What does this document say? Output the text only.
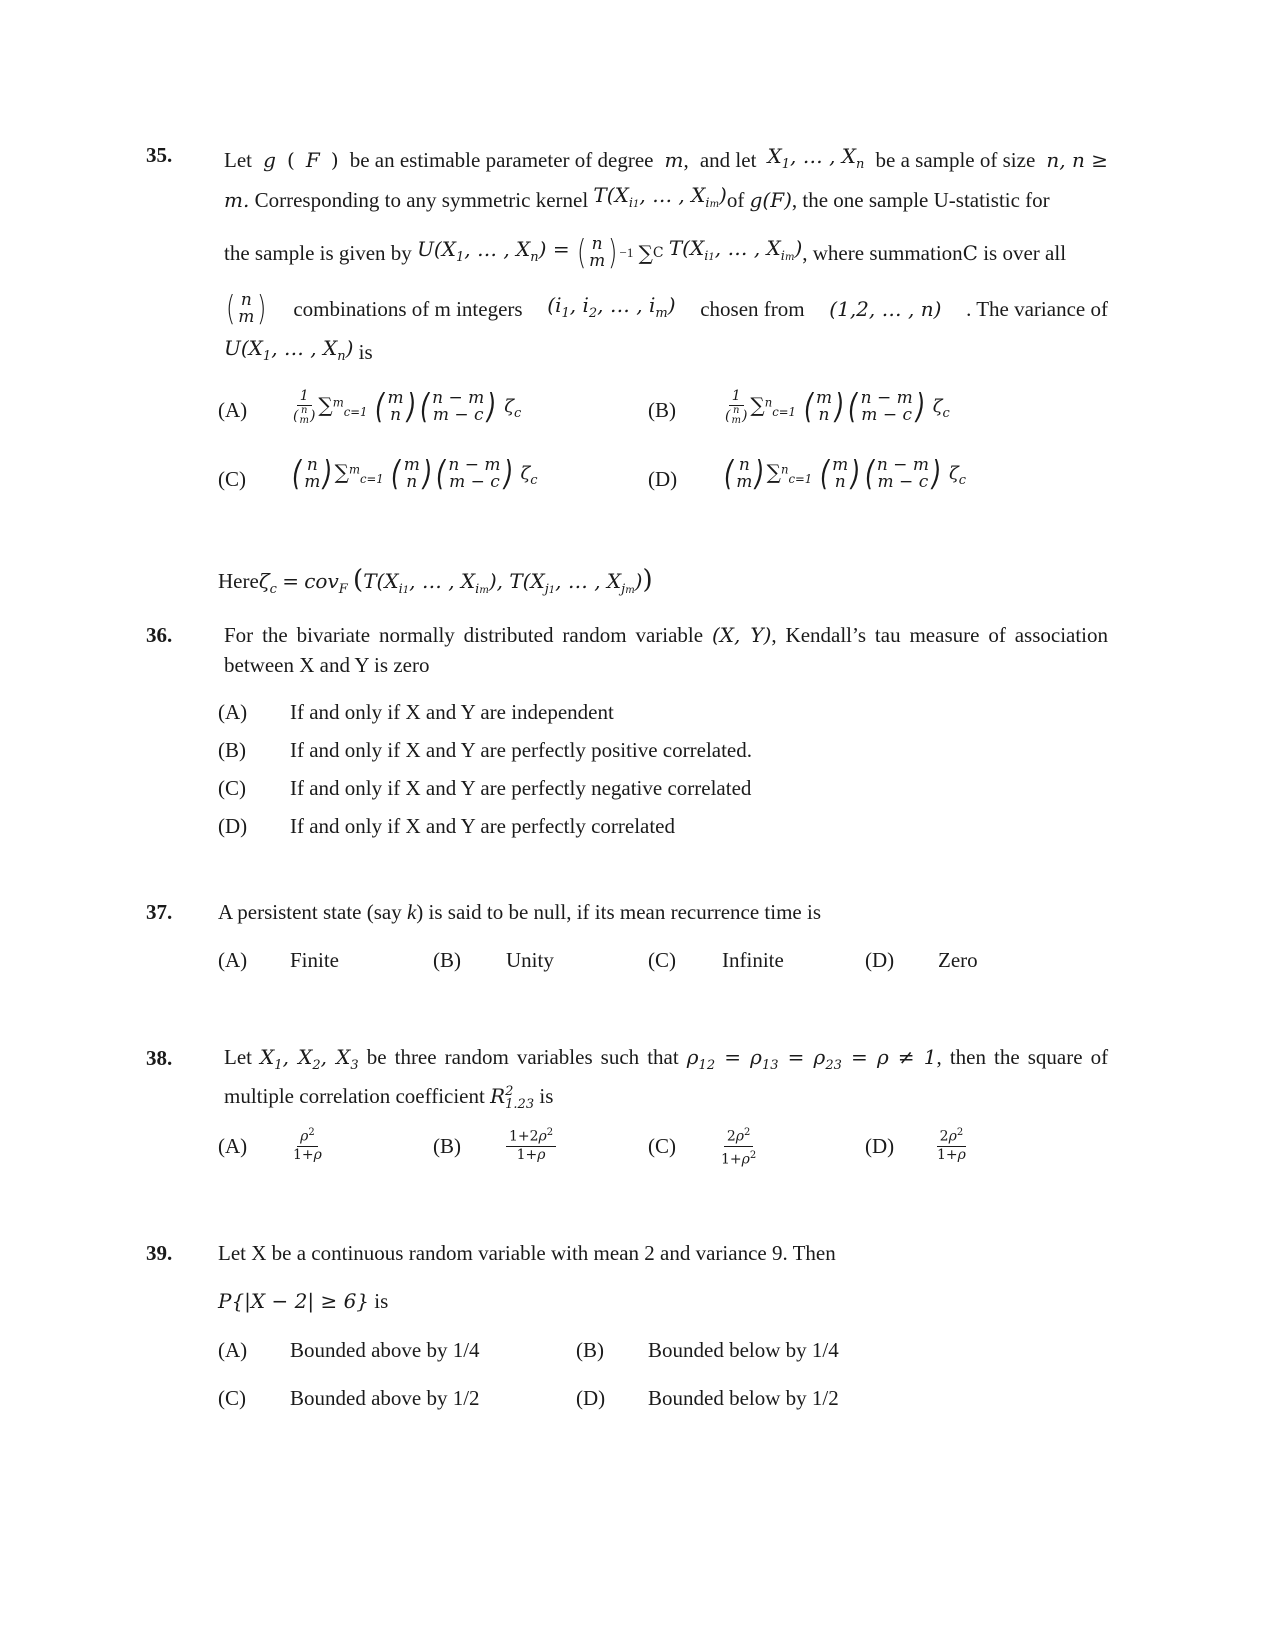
35. Let g ( F ) be an estimable parameter of degree m, and let $X_1$, … , $X_n$ be a sample of size n, n ≥
m.
Corresponding to any symmetric kernel
$T(X_{i1}$, … , $X_{im}$) of
g(F) , the one sample U-statistic for
the sample is given by
$U(X_1$, … , $X_n$) =
( n
m ) −1
∑ C
$T(X_{i1}$, … , $X_{im}$) , where summation C
is over all
( n
m ) combinations of m integers ($i_1$, $i_2$, … , $i_m$) chosen from (1,2, … , n) . The variance of
$U(X_1$, … , $X_n$)
is
(A)	1
( n
m ) ∑$^m_{c=1}$ ( m
n ) ( n − m
m − c ) $\zeta_c$	(B)	1
( n
m ) ∑$^n_{c=1}$ ( m
n ) ( n − m
m − c ) $\zeta_c$
(C) ( n
m ) ∑$^m_{c=1}$ ( m
n ) ( n − m
m − c ) $\zeta_c$	(D) ( n
m ) ∑$^n_{c=1}$ ( m
n ) ( n − m
m − c ) $\zeta_c$
Hereζ$_c$ = cov$_F$ ($T(X_{i1}$, … , $X_{im}$), $T(X_{j1}$, … , $X_{jm}$))
36. For the bivariate normally distributed random variable (X, Y), Kendall’s tau measure of association between X and Y is zero
(A) If and only if X and Y are independent
(B) If and only if X and Y are perfectly positive correlated.
(C) If and only if X and Y are perfectly negative correlated
(D) If and only if X and Y are perfectly correlated
37. A persistent state (say k) is said to be null, if its mean recurrence time is
(A) Finite	(B) Unity	(C) Infinite	(D) Zero
38. Let $X_1$, $X_2$, $X_3$ be three random variables such that $\rho_{12} = \rho_{13} = \rho_{23} = \rho \ne 1$, then the square of multiple correlation coefficient R 2
1.23 is
(A)	$\frac{\rho^2}{1+\rho}$	(B)	$\frac{1+2\rho^2}{1+\rho}$	(C)	$\frac{2\rho^2}{1+\rho^2}$	(D)	$\frac{2\rho^2}{1+\rho}$
39. Let X be a continuous random variable with mean 2 and variance 9. Then
P{|X − 2| ≥ 6} is
(A) Bounded above by 1/4	(B) Bounded below by 1/4
(C) Bounded above by 1/2	(D) Bounded below by 1/2
